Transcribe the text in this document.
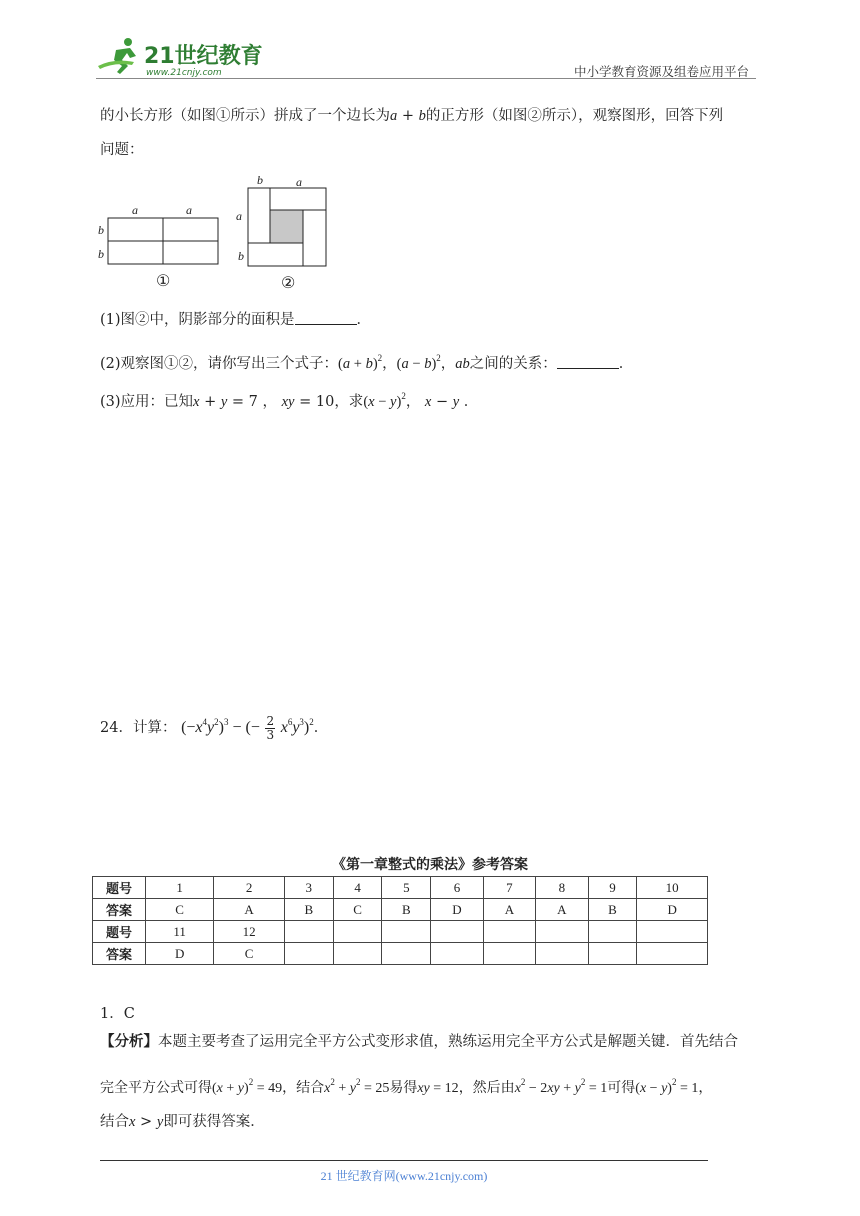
21世纪教育
www.21cnjy.com	中小学教育资源及组卷应用平台
的小长方形（如图①所示）拼成了一个边长为a + b的正方形（如图②所示），观察图形，回答下列
问题：
a	a
b
b
①
b	a
a
b
②
(1)图②中，阴影部分的面积是	．
(2)观察图①②，请你写出三个式子：$(a + b)^2$，$(a - b)^2$，ab之间的关系：	．
(3)应用：已知x + y = 7 ， xy = 10，求$(x - y)^2$， x − y ．
24．计算： $(-x^4y^2)^3$ − (− $\frac{2}{3} x^6y^3)^2$．
《第一章整式的乘法》参考答案
题号	1	2	3	4	5	6	7	8	9	10
答案	C	A	B	C	B	D	A	A	B	D
题号	11	12								
答案	D	C								
1．C
【分析】本题主要考查了运用完全平方公式变形求值，熟练运用完全平方公式是解题关键．首先结合
完全平方公式可得$(x + y)^2 = 49$，结合$x^2 + y^2 = 25$易得xy = 12，然后由$x^2 - 2xy + y^2 = 1$可得$(x - y)^2 = 1$，
结合x > y即可获得答案．
21 世纪教育网(www.21cnjy.com)
